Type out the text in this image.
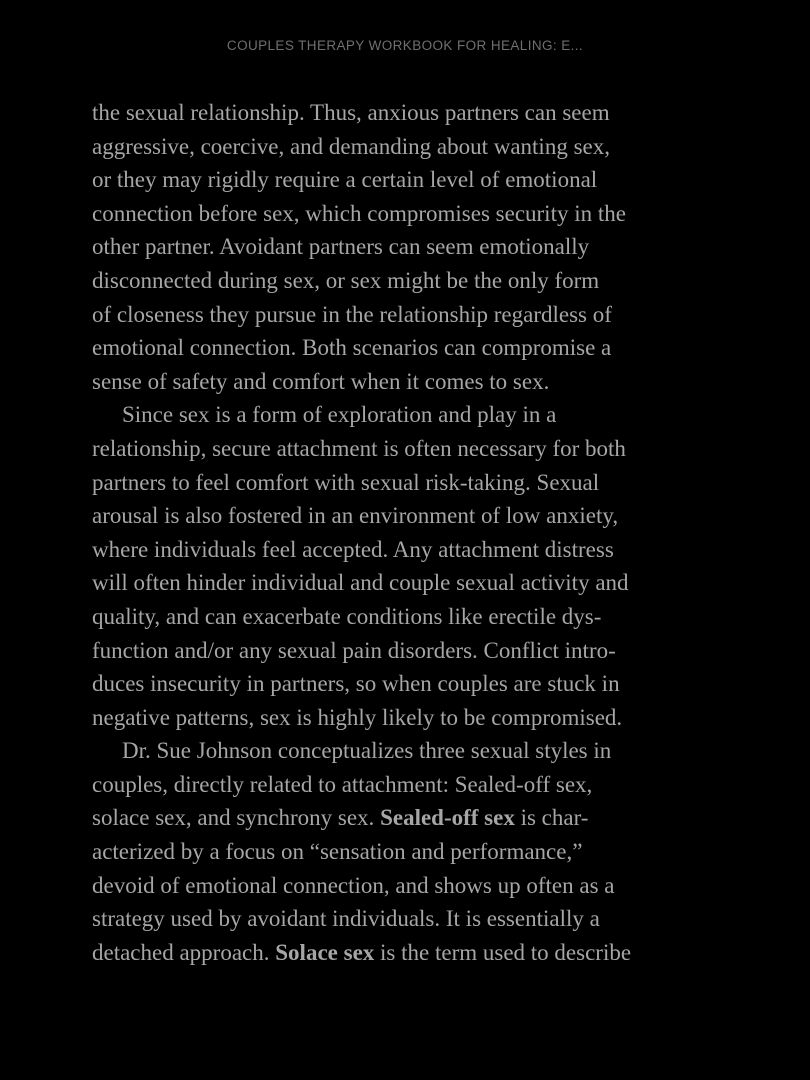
COUPLES THERAPY WORKBOOK FOR HEALING: E...
the sexual relationship. Thus, anxious partners can seem
aggressive, coercive, and demanding about wanting sex,
or they may rigidly require a certain level of emotional
connection before sex, which compromises security in the
other partner. Avoidant partners can seem emotionally
disconnected during sex, or sex might be the only form
of closeness they pursue in the relationship regardless of
emotional connection. Both scenarios can compromise a
sense of safety and comfort when it comes to sex.
Since sex is a form of exploration and play in a
relationship, secure attachment is often necessary for both
partners to feel comfort with sexual risk-taking. Sexual
arousal is also fostered in an environment of low anxiety,
where individuals feel accepted. Any attachment distress
will often hinder individual and couple sexual activity and
quality, and can exacerbate conditions like erectile dys-
function and/or any sexual pain disorders. Conflict intro-
duces insecurity in partners, so when couples are stuck in
negative patterns, sex is highly likely to be compromised.
Dr. Sue Johnson conceptualizes three sexual styles in
couples, directly related to attachment: Sealed-off sex,
solace sex, and synchrony sex. Sealed-off sex is char-
acterized by a focus on “sensation and performance,”
devoid of emotional connection, and shows up often as a
strategy used by avoidant individuals. It is essentially a
detached approach. Solace sex is the term used to describe
